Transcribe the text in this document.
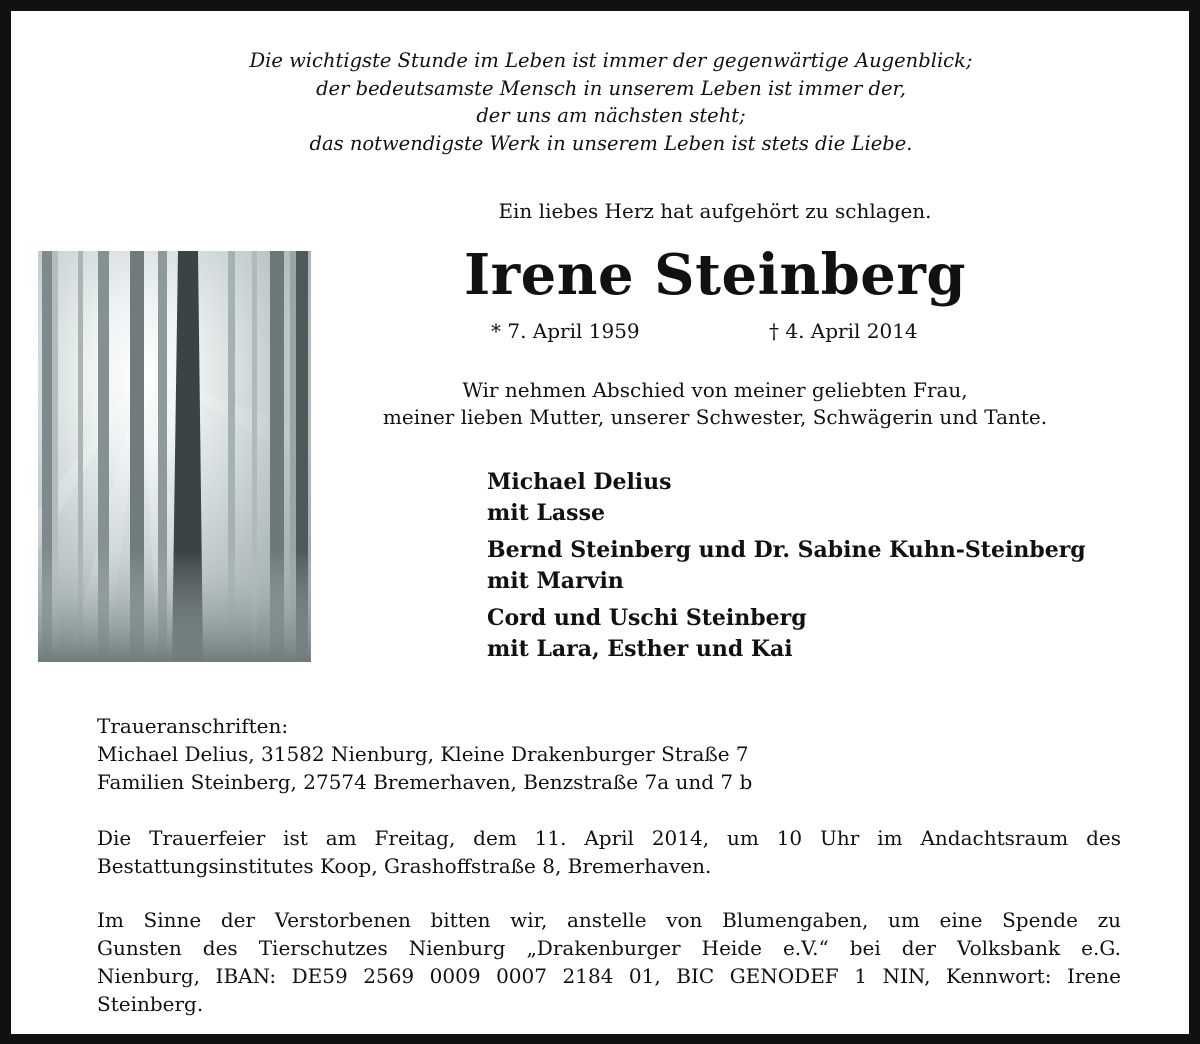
Die wichtigste Stunde im Leben ist immer der gegenwärtige Augenblick;
der bedeutsamste Mensch in unserem Leben ist immer der,
der uns am nächsten steht;
das notwendigste Werk in unserem Leben ist stets die Liebe.
Ein liebes Herz hat aufgehört zu schlagen.
Irene Steinberg
* 7. April 1959	† 4. April 2014
Wir nehmen Abschied von meiner geliebten Frau,
meiner lieben Mutter, unserer Schwester, Schwägerin und Tante.
Michael Delius
mit Lasse
Bernd Steinberg und Dr. Sabine Kuhn-Steinberg
mit Marvin
Cord und Uschi Steinberg
mit Lara, Esther und Kai
Traueranschriften:
Michael Delius, 31582 Nienburg, Kleine Drakenburger Straße 7
Familien Steinberg, 27574 Bremerhaven, Benzstraße 7a und 7 b
Die Trauerfeier ist am Freitag, dem 11. April 2014, um 10 Uhr im Andachtsraum des
Bestattungsinstitutes Koop, Grashoffstraße 8, Bremerhaven.
Im Sinne der Verstorbenen bitten wir, anstelle von Blumengaben, um eine Spende zu
Gunsten des Tierschutzes Nienburg „Drakenburger Heide e.V.“ bei der Volksbank e.G.
Nienburg, IBAN: DE59 2569 0009 0007 2184 01, BIC GENODEF 1 NIN, Kennwort: Irene
Steinberg.
